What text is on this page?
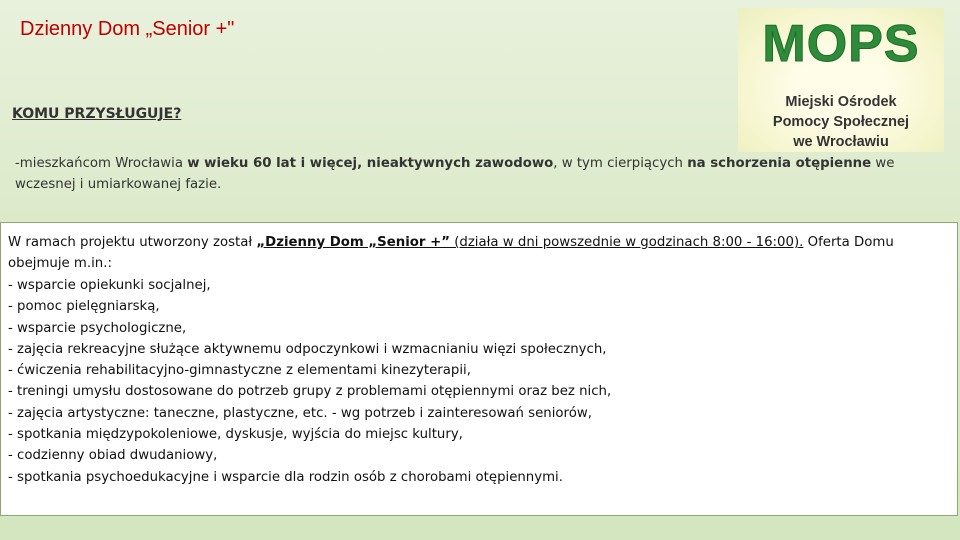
Dzienny Dom „Senior +"	MOPS
Miejski Ośrodek
Pomocy Społecznej
we Wrocławiu
KOMU PRZYSŁUGUJE?
-mieszkańcom Wrocławia w wieku 60 lat i więcej, nieaktywnych zawodowo, w tym cierpiących na schorzenia otępienne we wczesnej i umiarkowanej fazie.
W ramach projektu utworzony został „Dzienny Dom „Senior +” (działa w dni powszednie w godzinach 8:00 - 16:00). Oferta Domu obejmuje m.in.:
- wsparcie opiekunki socjalnej,
- pomoc pielęgniarską,
- wsparcie psychologiczne,
- zajęcia rekreacyjne służące aktywnemu odpoczynkowi i wzmacnianiu więzi społecznych,
- ćwiczenia rehabilitacyjno-gimnastyczne z elementami kinezyterapii,
- treningi umysłu dostosowane do potrzeb grupy z problemami otępiennymi oraz bez nich,
- zajęcia artystyczne: taneczne, plastyczne, etc. - wg potrzeb i zainteresowań seniorów,
- spotkania międzypokoleniowe, dyskusje, wyjścia do miejsc kultury,
- codzienny obiad dwudaniowy,
- spotkania psychoedukacyjne i wsparcie dla rodzin osób z chorobami otępiennymi.
